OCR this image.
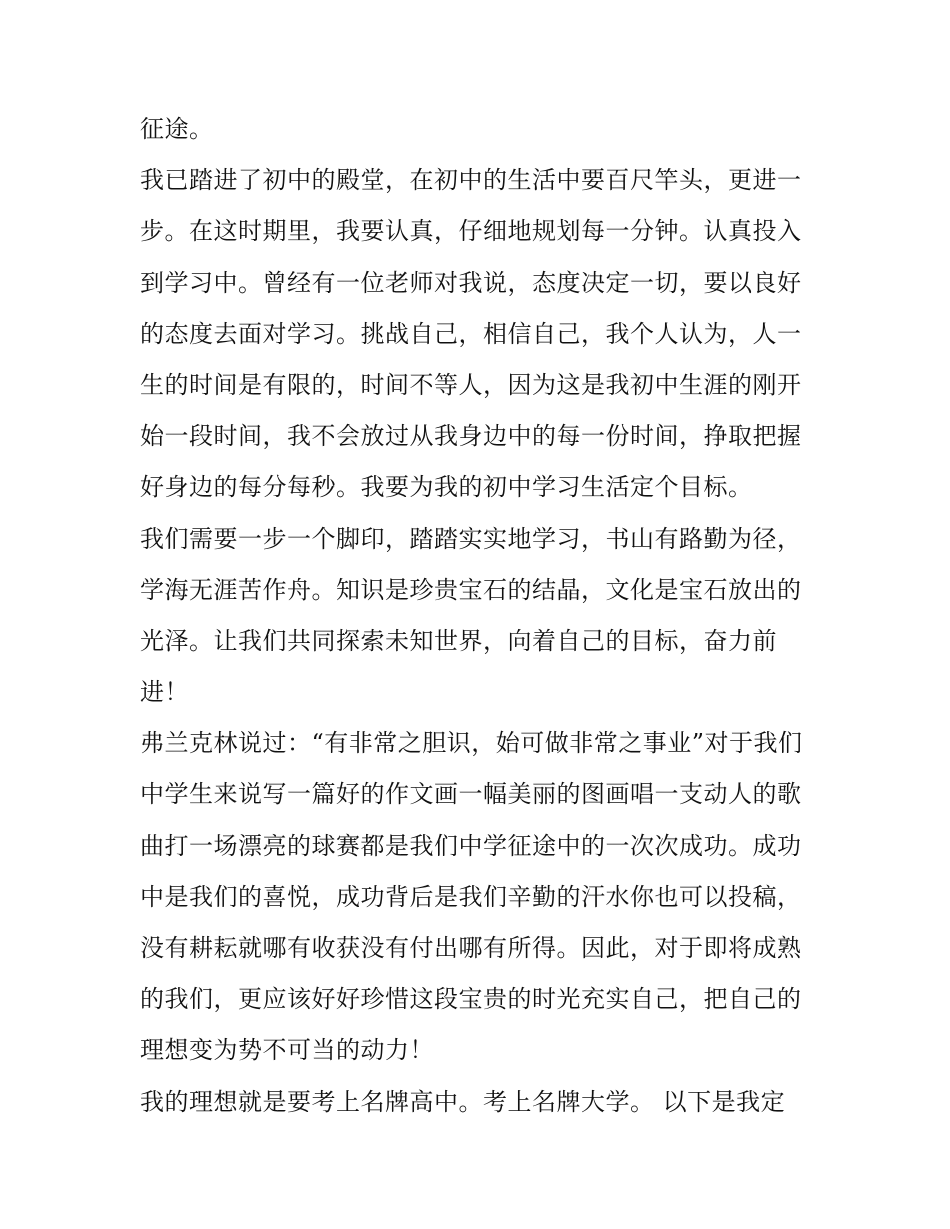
征途。
我已踏进了初中的殿堂，在初中的生活中要百尺竿头，更进一
步。在这时期里，我要认真，仔细地规划每一分钟。认真投入
到学习中。曾经有一位老师对我说，态度决定一切，要以良好
的态度去面对学习。挑战自己，相信自己，我个人认为，人一
生的时间是有限的，时间不等人，因为这是我初中生涯的刚开
始一段时间，我不会放过从我身边中的每一份时间，挣取把握
好身边的每分每秒。我要为我的初中学习生活定个目标。
我们需要一步一个脚印，踏踏实实地学习，书山有路勤为径，
学海无涯苦作舟。知识是珍贵宝石的结晶，文化是宝石放出的
光泽。让我们共同探索未知世界，向着自己的目标，奋力前
进！
弗兰克林说过：“有非常之胆识，始可做非常之事业”对于我们
中学生来说写一篇好的作文画一幅美丽的图画唱一支动人的歌
曲打一场漂亮的球赛都是我们中学征途中的一次次成功。成功
中是我们的喜悦，成功背后是我们辛勤的汗水你也可以投稿，
没有耕耘就哪有收获没有付出哪有所得。因此，对于即将成熟
的我们，更应该好好珍惜这段宝贵的时光充实自己，把自己的
理想变为势不可当的动力！
我的理想就是要考上名牌高中。考上名牌大学。 以下是我定
